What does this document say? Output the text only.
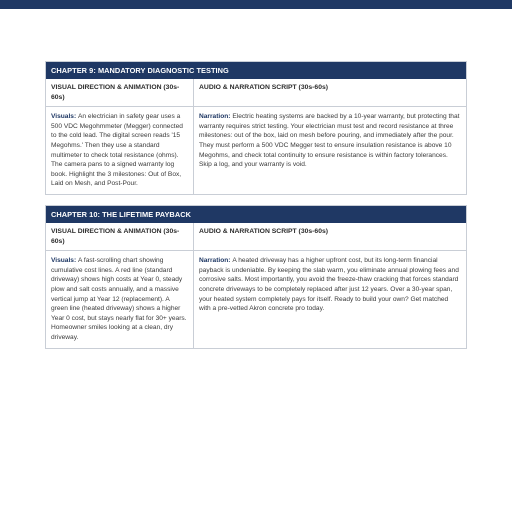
CHAPTER 9: MANDATORY DIAGNOSTIC TESTING
VISUAL DIRECTION & ANIMATION (30s-60s)
AUDIO & NARRATION SCRIPT (30s-60s)
Visuals: An electrician in safety gear uses a 500 VDC Megohmmeter (Megger) connected to the cold lead. The digital screen reads '15 Megohms.' Then they use a standard multimeter to check total resistance (ohms). The camera pans to a signed warranty log book. Highlight the 3 milestones: Out of Box, Laid on Mesh, and Post-Pour.
Narration: Electric heating systems are backed by a 10-year warranty, but protecting that warranty requires strict testing. Your electrician must test and record resistance at three milestones: out of the box, laid on mesh before pouring, and immediately after the pour. They must perform a 500 VDC Megger test to ensure insulation resistance is above 10 Megohms, and check total continuity to ensure resistance is within factory tolerances. Skip a log, and your warranty is void.
CHAPTER 10: THE LIFETIME PAYBACK
VISUAL DIRECTION & ANIMATION (30s-60s)
AUDIO & NARRATION SCRIPT (30s-60s)
Visuals: A fast-scrolling chart showing cumulative cost lines. A red line (standard driveway) shows high costs at Year 0, steady plow and salt costs annually, and a massive vertical jump at Year 12 (replacement). A green line (heated driveway) shows a higher Year 0 cost, but stays nearly flat for 30+ years. Homeowner smiles looking at a clean, dry driveway.
Narration: A heated driveway has a higher upfront cost, but its long-term financial payback is undeniable. By keeping the slab warm, you eliminate annual plowing fees and corrosive salts. Most importantly, you avoid the freeze-thaw cracking that forces standard concrete driveways to be completely replaced after just 12 years. Over a 30-year span, your heated system completely pays for itself. Ready to build your own? Get matched with a pre-vetted Akron concrete pro today.
